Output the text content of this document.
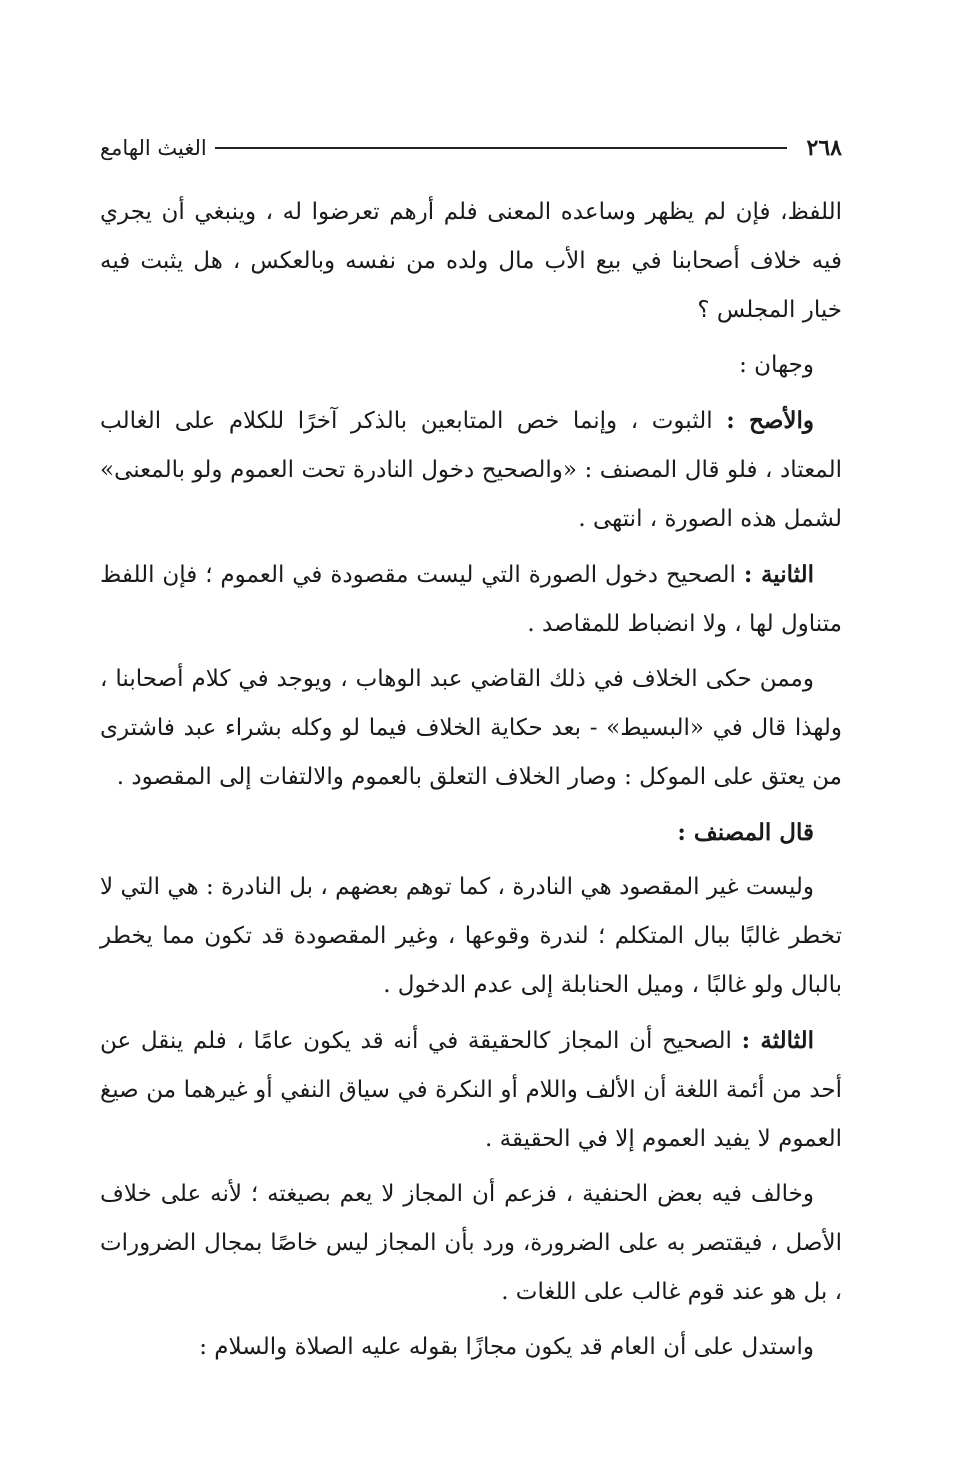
٢٦٨
الغيث الهامع

اللفظ، فإن لم يظهر وساعده المعنى فلم أرهم تعرضوا له ، وينبغي أن يجري فيه خلاف أصحابنا في بيع الأب مال ولده من نفسه وبالعكس ، هل يثبت فيه خيار المجلس ؟

وجهان :

والأصح : الثبوت ، وإنما خص المتابعين بالذكر آخرًا للكلام على الغالب المعتاد ، فلو قال المصنف : «والصحيح دخول النادرة تحت العموم ولو بالمعنى» لشمل هذه الصورة ، انتهى .

الثانية : الصحيح دخول الصورة التي ليست مقصودة في العموم ؛ فإن اللفظ متناول لها ، ولا انضباط للمقاصد .

وممن حكى الخلاف في ذلك القاضي عبد الوهاب ، ويوجد في كلام أصحابنا ، ولهذا قال في «البسيط» - بعد حكاية الخلاف فيما لو وكله بشراء عبد فاشترى من يعتق على الموكل : وصار الخلاف التعلق بالعموم والالتفات إلى المقصود .

قال المصنف :

وليست غير المقصود هي النادرة ، كما توهم بعضهم ، بل النادرة : هي التي لا تخطر غالبًا ببال المتكلم ؛ لندرة وقوعها ، وغير المقصودة قد تكون مما يخطر بالبال ولو غالبًا ، وميل الحنابلة إلى عدم الدخول .

الثالثة : الصحيح أن المجاز كالحقيقة في أنه قد يكون عامًا ، فلم ينقل عن أحد من أئمة اللغة أن الألف واللام أو النكرة في سياق النفي أو غيرهما من صيغ العموم لا يفيد العموم إلا في الحقيقة .

وخالف فيه بعض الحنفية ، فزعم أن المجاز لا يعم بصيغته ؛ لأنه على خلاف الأصل ، فيقتصر به على الضرورة، ورد بأن المجاز ليس خاصًا بمجال الضرورات ، بل هو عند قوم غالب على اللغات .

واستدل على أن العام قد يكون مجازًا بقوله عليه الصلاة والسلام :
